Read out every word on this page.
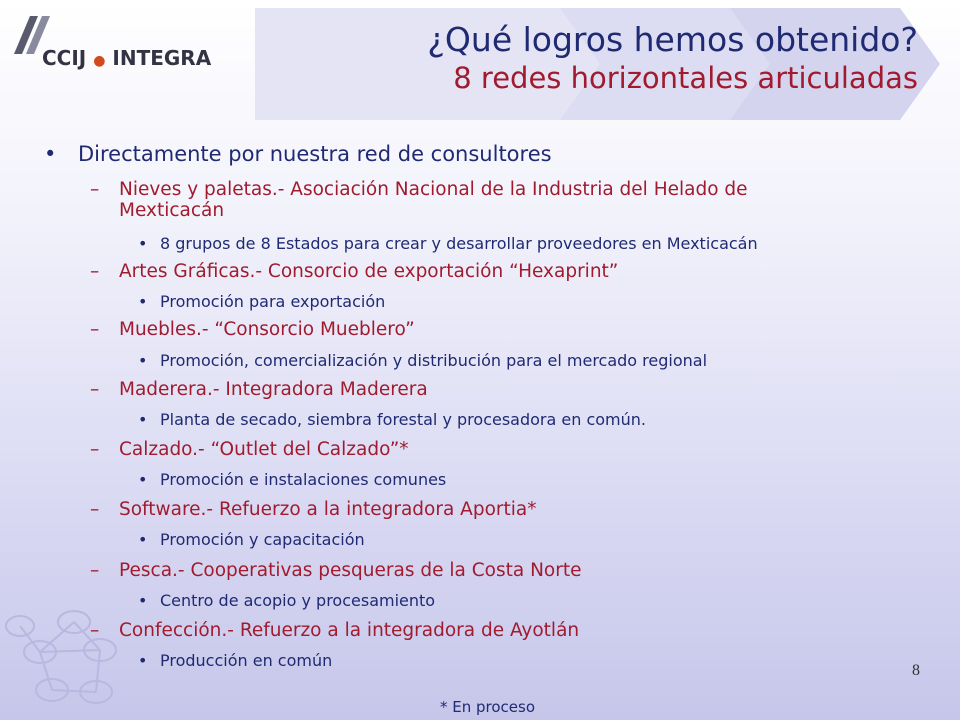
CCIJ ● INTEGRA	¿Qué logros hemos obtenido?
8 redes horizontales articuladas
• Directamente por nuestra red de consultores
– Nieves y paletas.- Asociación Nacional de la Industria del Helado de
Mexticacán
• 8 grupos de 8 Estados para crear y desarrollar proveedores en Mexticacán
– Artes Gráficas.- Consorcio de exportación “Hexaprint”
• Promoción para exportación
– Muebles.- “Consorcio Mueblero”
• Promoción, comercialización y distribución para el mercado regional
– Maderera.- Integradora Maderera
• Planta de secado, siembra forestal y procesadora en común.
– Calzado.- “Outlet del Calzado”*
• Promoción e instalaciones comunes
– Software.- Refuerzo a la integradora Aportia*
• Promoción y capacitación
– Pesca.- Cooperativas pesqueras de la Costa Norte
• Centro de acopio y procesamiento
– Confección.- Refuerzo a la integradora de Ayotlán
• Producción en común
8
* En proceso
